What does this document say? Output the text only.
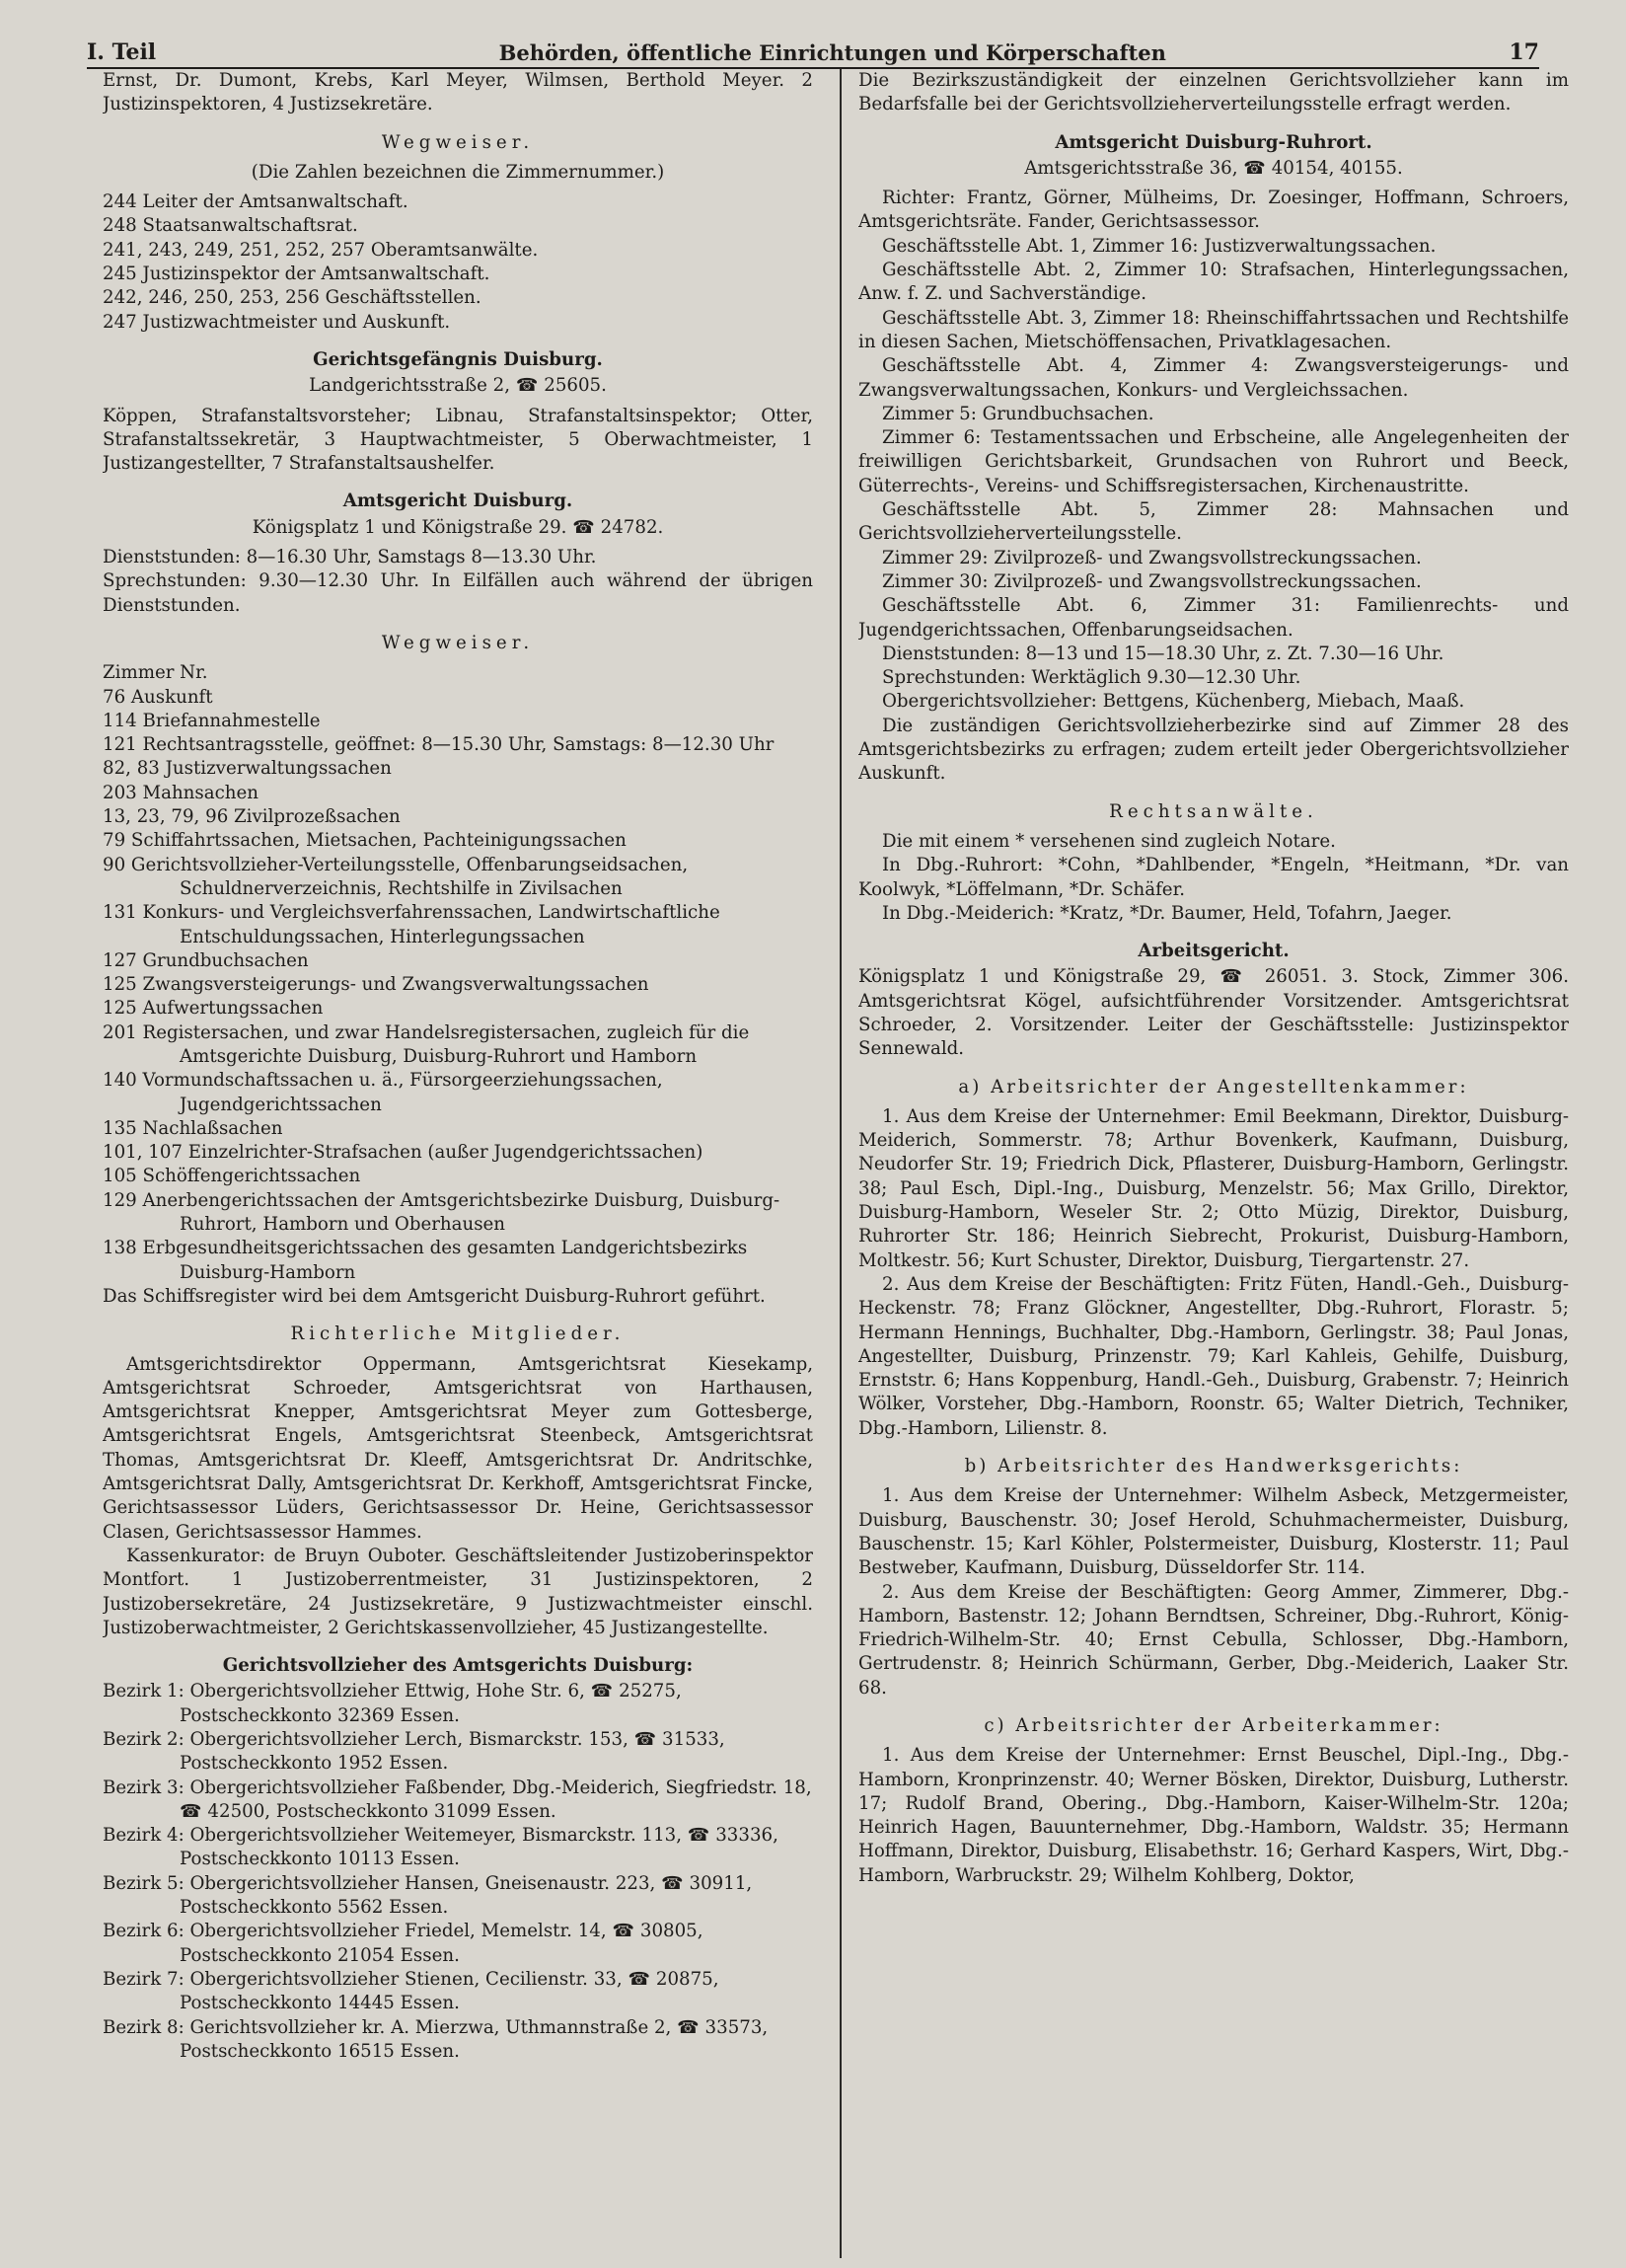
I. Teil	Behörden, öffentliche Einrichtungen und Körperschaften	17

Ernst, Dr. Dumont, Krebs, Karl Meyer, Wilmsen, Berthold Meyer. 2 Justizinspektoren, 4 Justizsekretäre.

Wegweiser.
(Die Zahlen bezeichnen die Zimmernummer.)

244 Leiter der Amtsanwaltschaft.

248 Staatsanwaltschaftsrat.

241, 243, 249, 251, 252, 257 Oberamtsanwälte.

245 Justizinspektor der Amtsanwaltschaft.

242, 246, 250, 253, 256 Geschäftsstellen.

247 Justizwachtmeister und Auskunft.

Gerichtsgefängnis Duisburg.
Landgerichtsstraße 2, ☎ 25605.

Köppen, Strafanstaltsvorsteher; Libnau, Strafanstaltsinspektor; Otter, Strafanstaltssekretär, 3 Hauptwachtmeister, 5 Oberwachtmeister, 1 Justizangestellter, 7 Strafanstaltsaushelfer.

Amtsgericht Duisburg.
Königsplatz 1 und Königstraße 29. ☎ 24782.

Dienststunden: 8—16.30 Uhr, Samstags 8—13.30 Uhr.

Sprechstunden: 9.30—12.30 Uhr. In Eilfällen auch während der übrigen Dienststunden.

Wegweiser.

Zimmer Nr.

76 Auskunft

114 Briefannahmestelle

121 Rechtsantragsstelle, geöffnet: 8—15.30 Uhr, Samstags: 8—12.30 Uhr

82, 83 Justizverwaltungssachen

203 Mahnsachen

13, 23, 79, 96 Zivilprozeßsachen

79 Schiffahrtssachen, Mietsachen, Pachteinigungssachen

90 Gerichtsvollzieher-Verteilungsstelle, Offenbarungseidsachen, Schuldnerverzeichnis, Rechtshilfe in Zivilsachen

131 Konkurs- und Vergleichsverfahrenssachen, Landwirtschaftliche Entschuldungssachen, Hinterlegungssachen

127 Grundbuchsachen

125 Zwangsversteigerungs- und Zwangsverwaltungssachen

125 Aufwertungssachen

201 Registersachen, und zwar Handelsregistersachen, zugleich für die Amtsgerichte Duisburg, Duisburg-Ruhrort und Hamborn

140 Vormundschaftssachen u. ä., Fürsorgeerziehungssachen, Jugendgerichtssachen

135 Nachlaßsachen

101, 107 Einzelrichter-Strafsachen (außer Jugendgerichtssachen)

105 Schöffengerichtssachen

129 Anerbengerichtssachen der Amtsgerichtsbezirke Duisburg, Duisburg-Ruhrort, Hamborn und Oberhausen

138 Erbgesundheitsgerichtssachen des gesamten Landgerichtsbezirks Duisburg-Hamborn

Das Schiffsregister wird bei dem Amtsgericht Duisburg-Ruhrort geführt.

Richterliche Mitglieder.

Amtsgerichtsdirektor Oppermann, Amtsgerichtsrat Kiesekamp, Amtsgerichtsrat Schroeder, Amtsgerichtsrat von Harthausen, Amtsgerichtsrat Knepper, Amtsgerichtsrat Meyer zum Gottesberge, Amtsgerichtsrat Engels, Amtsgerichtsrat Steenbeck, Amtsgerichtsrat Thomas, Amtsgerichtsrat Dr. Kleeff, Amtsgerichtsrat Dr. Andritschke, Amtsgerichtsrat Dally, Amtsgerichtsrat Dr. Kerkhoff, Amtsgerichtsrat Fincke, Gerichtsassessor Lüders, Gerichtsassessor Dr. Heine, Gerichtsassessor Clasen, Gerichtsassessor Hammes.

Kassenkurator: de Bruyn Ouboter. Geschäftsleitender Justizoberinspektor Montfort. 1 Justizoberrentmeister, 31 Justizinspektoren, 2 Justizobersekretäre, 24 Justizsekretäre, 9 Justizwachtmeister einschl. Justizoberwachtmeister, 2 Gerichtskassenvollzieher, 45 Justizangestellte.

Gerichtsvollzieher des Amtsgerichts Duisburg:

Bezirk 1: Obergerichtsvollzieher Ettwig, Hohe Str. 6, ☎ 25275, Postscheckkonto 32369 Essen.

Bezirk 2: Obergerichtsvollzieher Lerch, Bismarckstr. 153, ☎ 31533, Postscheckkonto 1952 Essen.

Bezirk 3: Obergerichtsvollzieher Faßbender, Dbg.-Meiderich, Siegfriedstr. 18, ☎ 42500, Postscheckkonto 31099 Essen.

Bezirk 4: Obergerichtsvollzieher Weitemeyer, Bismarckstr. 113, ☎ 33336, Postscheckkonto 10113 Essen.

Bezirk 5: Obergerichtsvollzieher Hansen, Gneisenaustr. 223, ☎ 30911, Postscheckkonto 5562 Essen.

Bezirk 6: Obergerichtsvollzieher Friedel, Memelstr. 14, ☎ 30805, Postscheckkonto 21054 Essen.

Bezirk 7: Obergerichtsvollzieher Stienen, Cecilienstr. 33, ☎ 20875, Postscheckkonto 14445 Essen.

Bezirk 8: Gerichtsvollzieher kr. A. Mierzwa, Uthmannstraße 2, ☎ 33573, Postscheckkonto 16515 Essen.

Die Bezirkszuständigkeit der einzelnen Gerichtsvollzieher kann im Bedarfsfalle bei der Gerichtsvollzieherverteilungsstelle erfragt werden.

Amtsgericht Duisburg-Ruhrort.
Amtsgerichtsstraße 36, ☎ 40154, 40155.

Richter: Frantz, Görner, Mülheims, Dr. Zoesinger, Hoffmann, Schroers, Amtsgerichtsräte. Fander, Gerichtsassessor.

Geschäftsstelle Abt. 1, Zimmer 16: Justizverwaltungssachen.

Geschäftsstelle Abt. 2, Zimmer 10: Strafsachen, Hinterlegungssachen, Anw. f. Z. und Sachverständige.

Geschäftsstelle Abt. 3, Zimmer 18: Rheinschiffahrtssachen und Rechtshilfe in diesen Sachen, Mietschöffensachen, Privatklagesachen.

Geschäftsstelle Abt. 4, Zimmer 4: Zwangsversteigerungs- und Zwangsverwaltungssachen, Konkurs- und Vergleichssachen.

Zimmer 5: Grundbuchsachen.

Zimmer 6: Testamentssachen und Erbscheine, alle Angelegenheiten der freiwilligen Gerichtsbarkeit, Grundsachen von Ruhrort und Beeck, Güterrechts-, Vereins- und Schiffsregistersachen, Kirchenaustritte.

Geschäftsstelle Abt. 5, Zimmer 28: Mahnsachen und Gerichtsvollzieherverteilungsstelle.

Zimmer 29: Zivilprozeß- und Zwangsvollstreckungssachen.

Zimmer 30: Zivilprozeß- und Zwangsvollstreckungssachen.

Geschäftsstelle Abt. 6, Zimmer 31: Familienrechts- und Jugendgerichtssachen, Offenbarungseidsachen.

Dienststunden: 8—13 und 15—18.30 Uhr, z. Zt. 7.30—16 Uhr.

Sprechstunden: Werktäglich 9.30—12.30 Uhr.

Obergerichtsvollzieher: Bettgens, Küchenberg, Miebach, Maaß.

Die zuständigen Gerichtsvollzieherbezirke sind auf Zimmer 28 des Amtsgerichtsbezirks zu erfragen; zudem erteilt jeder Obergerichtsvollzieher Auskunft.

Rechtsanwälte.

Die mit einem * versehenen sind zugleich Notare.

In Dbg.-Ruhrort: *Cohn, *Dahlbender, *Engeln, *Heitmann, *Dr. van Koolwyk, *Löffelmann, *Dr. Schäfer.

In Dbg.-Meiderich: *Kratz, *Dr. Baumer, Held, Tofahrn, Jaeger.

Arbeitsgericht.

Königsplatz 1 und Königstraße 29, ☎ 26051. 3. Stock, Zimmer 306. Amtsgerichtsrat Kögel, aufsichtführender Vorsitzender. Amtsgerichtsrat Schroeder, 2. Vorsitzender. Leiter der Geschäftsstelle: Justizinspektor Sennewald.

a) Arbeitsrichter der Angestelltenkammer:

1. Aus dem Kreise der Unternehmer: Emil Beekmann, Direktor, Duisburg-Meiderich, Sommerstr. 78; Arthur Bovenkerk, Kaufmann, Duisburg, Neudorfer Str. 19; Friedrich Dick, Pflasterer, Duisburg-Hamborn, Gerlingstr. 38; Paul Esch, Dipl.-Ing., Duisburg, Menzelstr. 56; Max Grillo, Direktor, Duisburg-Hamborn, Weseler Str. 2; Otto Müzig, Direktor, Duisburg, Ruhrorter Str. 186; Heinrich Siebrecht, Prokurist, Duisburg-Hamborn, Moltkestr. 56; Kurt Schuster, Direktor, Duisburg, Tiergartenstr. 27.

2. Aus dem Kreise der Beschäftigten: Fritz Füten, Handl.-Geh., Duisburg-Heckenstr. 78; Franz Glöckner, Angestellter, Dbg.-Ruhrort, Florastr. 5; Hermann Hennings, Buchhalter, Dbg.-Hamborn, Gerlingstr. 38; Paul Jonas, Angestellter, Duisburg, Prinzenstr. 79; Karl Kahleis, Gehilfe, Duisburg, Ernststr. 6; Hans Koppenburg, Handl.-Geh., Duisburg, Grabenstr. 7; Heinrich Wölker, Vorsteher, Dbg.-Hamborn, Roonstr. 65; Walter Dietrich, Techniker, Dbg.-Hamborn, Lilienstr. 8.

b) Arbeitsrichter des Handwerksgerichts:

1. Aus dem Kreise der Unternehmer: Wilhelm Asbeck, Metzgermeister, Duisburg, Bauschenstr. 30; Josef Herold, Schuhmachermeister, Duisburg, Bauschenstr. 15; Karl Köhler, Polstermeister, Duisburg, Klosterstr. 11; Paul Bestweber, Kaufmann, Duisburg, Düsseldorfer Str. 114.

2. Aus dem Kreise der Beschäftigten: Georg Ammer, Zimmerer, Dbg.-Hamborn, Bastenstr. 12; Johann Berndtsen, Schreiner, Dbg.-Ruhrort, König-Friedrich-Wilhelm-Str. 40; Ernst Cebulla, Schlosser, Dbg.-Hamborn, Gertrudenstr. 8; Heinrich Schürmann, Gerber, Dbg.-Meiderich, Laaker Str. 68.

c) Arbeitsrichter der Arbeiterkammer:

1. Aus dem Kreise der Unternehmer: Ernst Beuschel, Dipl.-Ing., Dbg.-Hamborn, Kronprinzenstr. 40; Werner Bösken, Direktor, Duisburg, Lutherstr. 17; Rudolf Brand, Obering., Dbg.-Hamborn, Kaiser-Wilhelm-Str. 120a; Heinrich Hagen, Bauunternehmer, Dbg.-Hamborn, Waldstr. 35; Hermann Hoffmann, Direktor, Duisburg, Elisabethstr. 16; Gerhard Kaspers, Wirt, Dbg.-Hamborn, Warbruckstr. 29; Wilhelm Kohlberg, Doktor,
